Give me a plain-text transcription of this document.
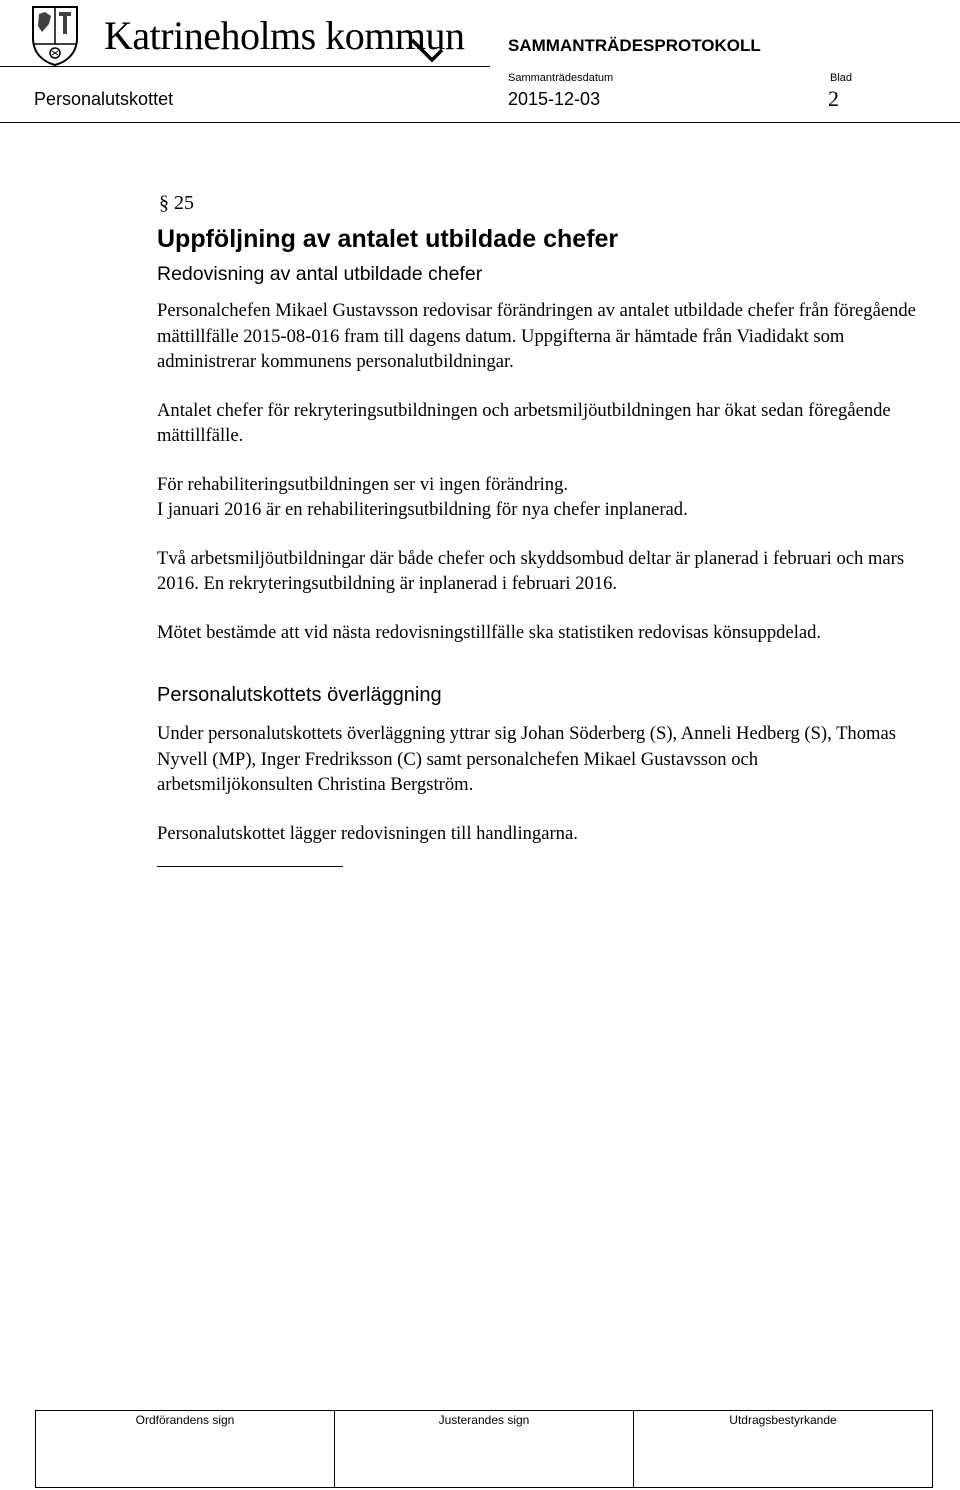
Katrineholms kommun	SAMMANTRÄDESPROTOKOLL
Sammanträdesdatum	Blad
Personalutskottet	2015-12-03	2

§ 25

Uppföljning av antalet utbildade chefer

Redovisning av antal utbildade chefer

Personalchefen Mikael Gustavsson redovisar förändringen av antalet utbildade chefer från föregående mättillfälle 2015-08-016 fram till dagens datum. Uppgifterna är hämtade från Viadidakt som administrerar kommunens personalutbildningar.

Antalet chefer för rekryteringsutbildningen och arbetsmiljöutbildningen har ökat sedan föregående mättillfälle.

För rehabiliteringsutbildningen ser vi ingen förändring.

I januari 2016 är en rehabiliteringsutbildning för nya chefer inplanerad.

Två arbetsmiljöutbildningar där både chefer och skyddsombud deltar är planerad i februari och mars 2016. En rekryteringsutbildning är inplanerad i februari 2016.

Mötet bestämde att vid nästa redovisningstillfälle ska statistiken redovisas könsuppdelad.

Personalutskottets överläggning

Under personalutskottets överläggning yttrar sig Johan Söderberg (S), Anneli Hedberg (S), Thomas Nyvell (MP), Inger Fredriksson (C) samt personalchefen Mikael Gustavsson och arbetsmiljökonsulten Christina Bergström.

Personalutskottet lägger redovisningen till handlingarna.

Ordförandens sign	Justerandes sign	Utdragsbestyrkande
